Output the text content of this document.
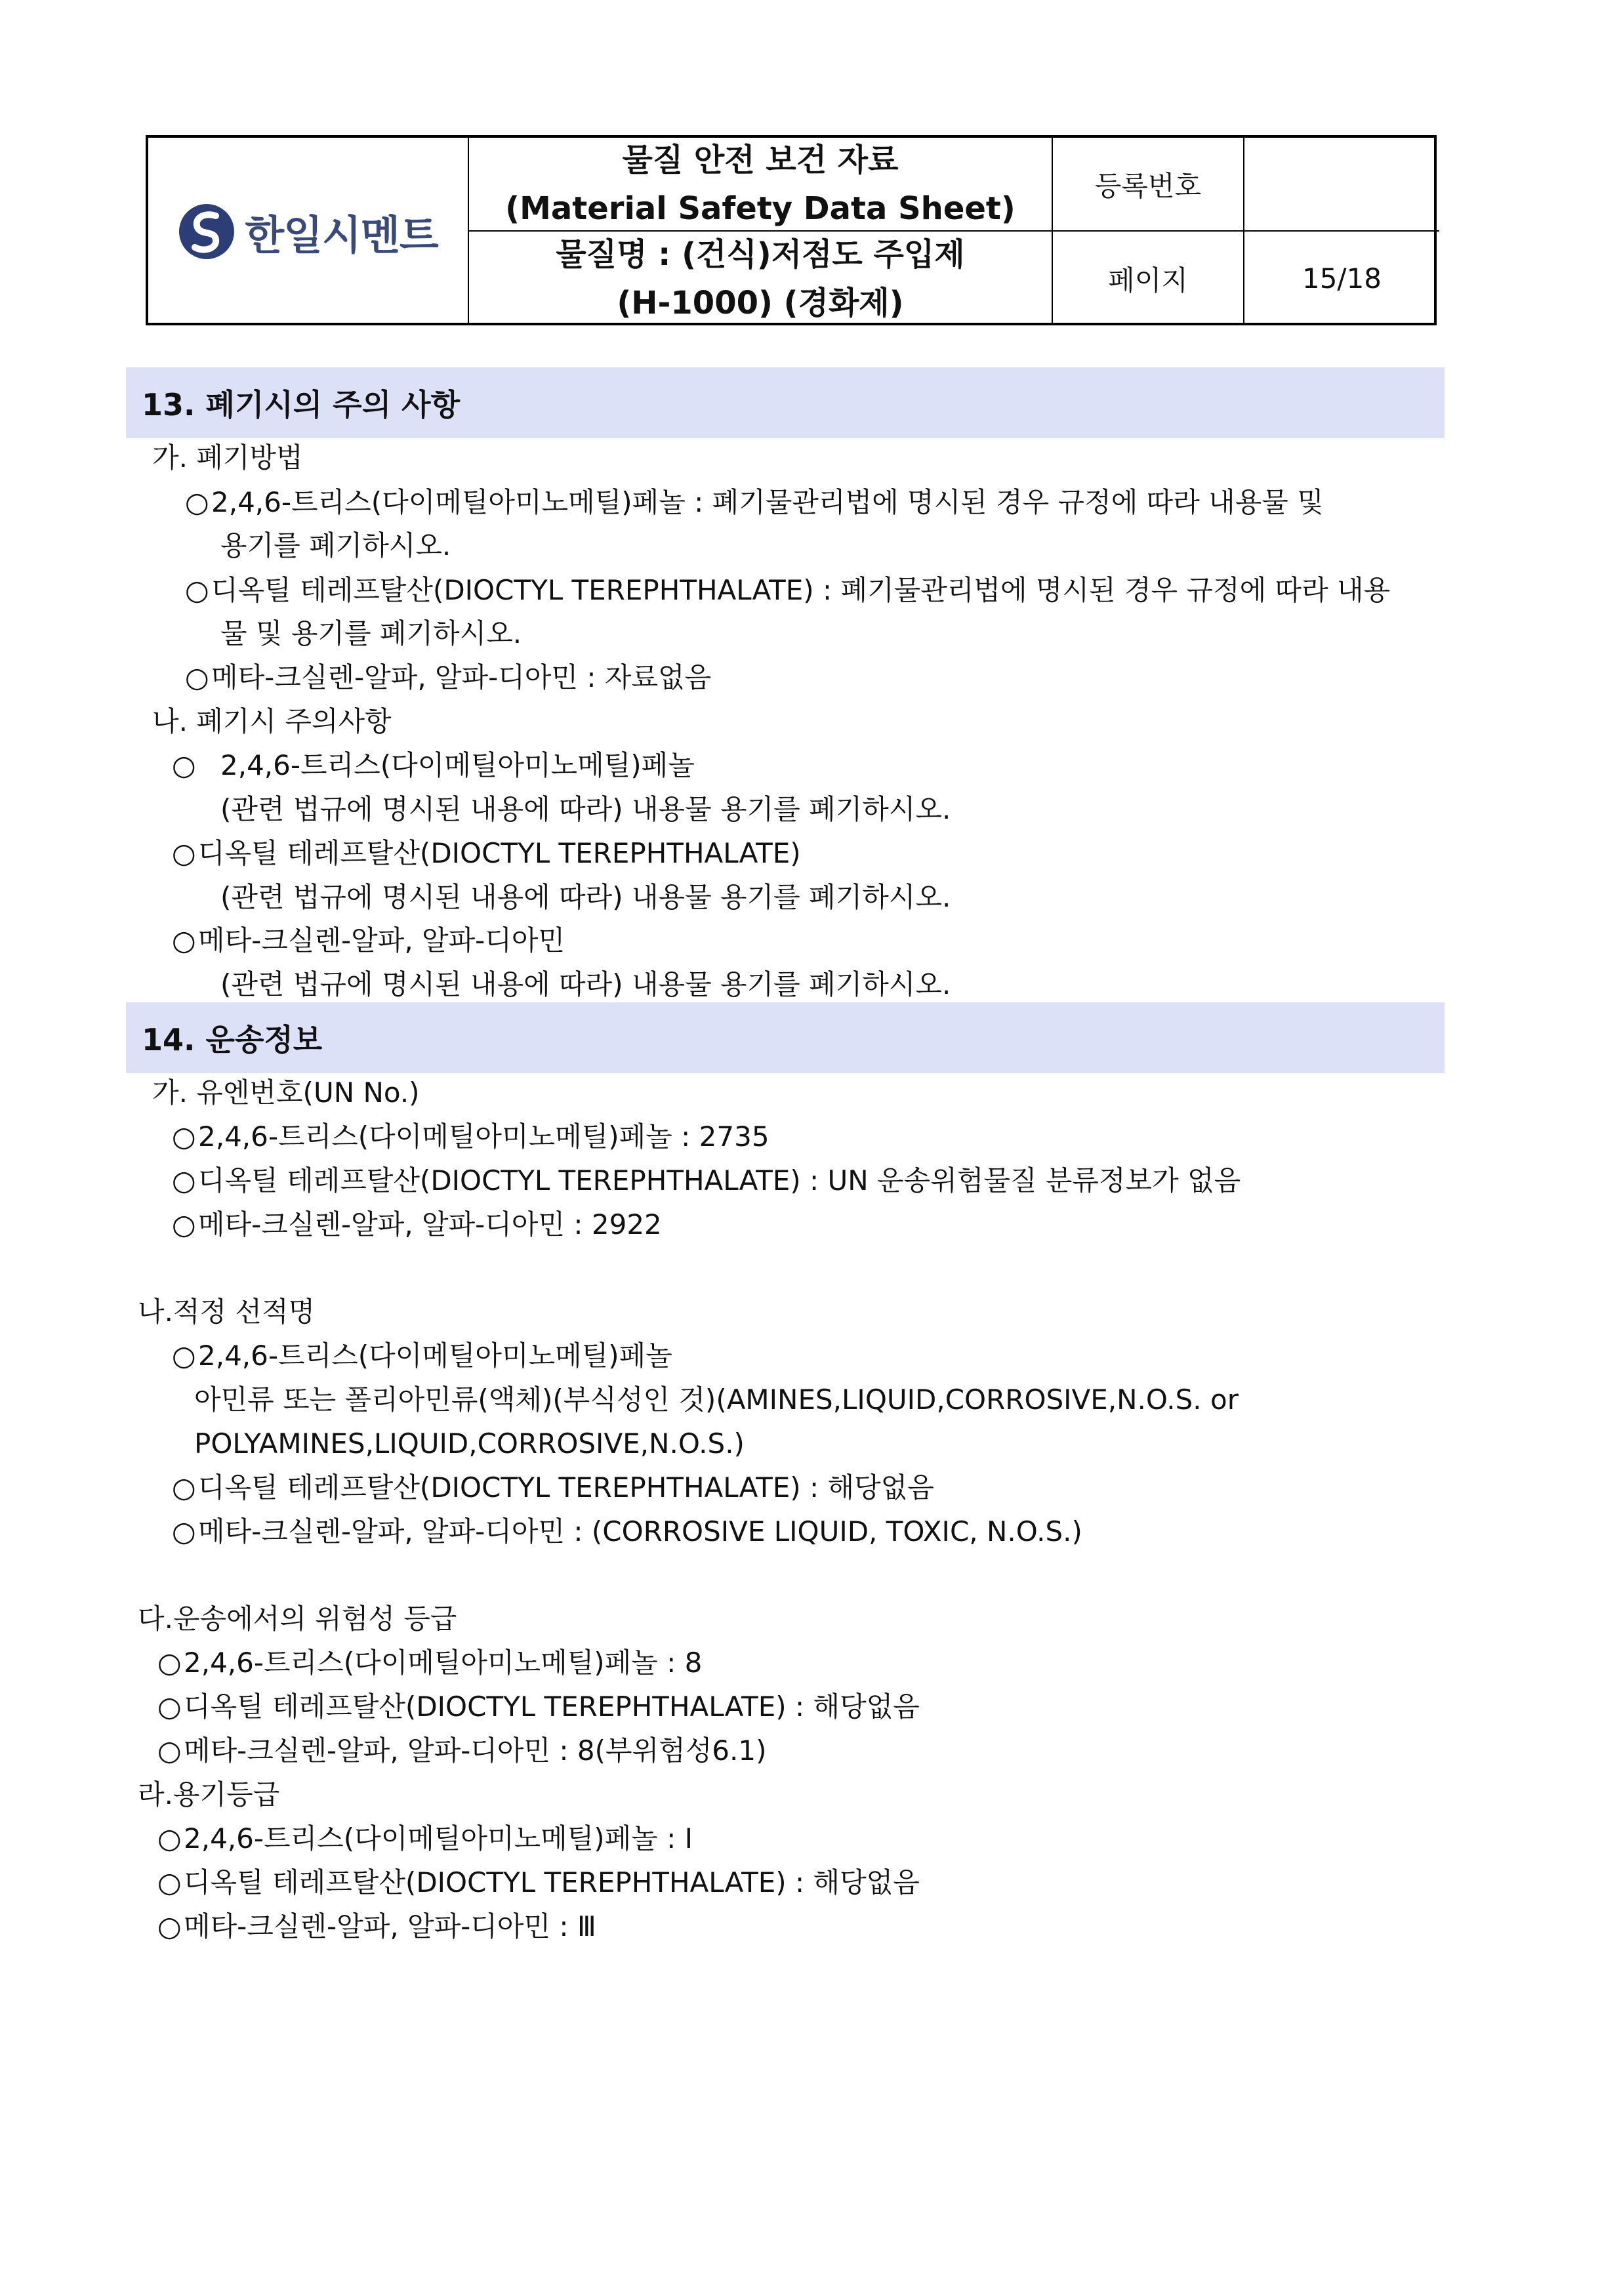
한일시멘트
물질 안전 보건 자료
(Material Safety Data Sheet)
등록번호
물질명 : (건식)저점도 주입제
(H-1000) (경화제)
페이지	15/18
13. 폐기시의 주의 사항
가. 폐기방법
○2,4,6-트리스(다이메틸아미노메틸)페놀 : 폐기물관리법에 명시된 경우 규정에 따라 내용물 및
용기를 폐기하시오.
○디옥틸 테레프탈산(DIOCTYL TEREPHTHALATE) : 폐기물관리법에 명시된 경우 규정에 따라 내용
물 및 용기를 폐기하시오.
○메타-크실렌-알파, 알파-디아민 : 자료없음
나. 폐기시 주의사항
○ 2,4,6-트리스(다이메틸아미노메틸)페놀
(관련 법규에 명시된 내용에 따라) 내용물 용기를 폐기하시오.
○디옥틸 테레프탈산(DIOCTYL TEREPHTHALATE)
(관련 법규에 명시된 내용에 따라) 내용물 용기를 폐기하시오.
○메타-크실렌-알파, 알파-디아민
(관련 법규에 명시된 내용에 따라) 내용물 용기를 폐기하시오.
14. 운송정보
가. 유엔번호(UN No.)
○2,4,6-트리스(다이메틸아미노메틸)페놀 : 2735
○디옥틸 테레프탈산(DIOCTYL TEREPHTHALATE) : UN 운송위험물질 분류정보가 없음
○메타-크실렌-알파, 알파-디아민 : 2922
나.적정 선적명
○2,4,6-트리스(다이메틸아미노메틸)페놀
아민류 또는 폴리아민류(액체)(부식성인 것)(AMINES,LIQUID,CORROSIVE,N.O.S. or
POLYAMINES,LIQUID,CORROSIVE,N.O.S.)
○디옥틸 테레프탈산(DIOCTYL TEREPHTHALATE) : 해당없음
○메타-크실렌-알파, 알파-디아민 : (CORROSIVE LIQUID, TOXIC, N.O.S.)
다.운송에서의 위험성 등급
○2,4,6-트리스(다이메틸아미노메틸)페놀 : 8
○디옥틸 테레프탈산(DIOCTYL TEREPHTHALATE) : 해당없음
○메타-크실렌-알파, 알파-디아민 : 8(부위험성6.1)
라.용기등급
○2,4,6-트리스(다이메틸아미노메틸)페놀 : Ⅰ
○디옥틸 테레프탈산(DIOCTYL TEREPHTHALATE) : 해당없음
○메타-크실렌-알파, 알파-디아민 : Ⅲ
